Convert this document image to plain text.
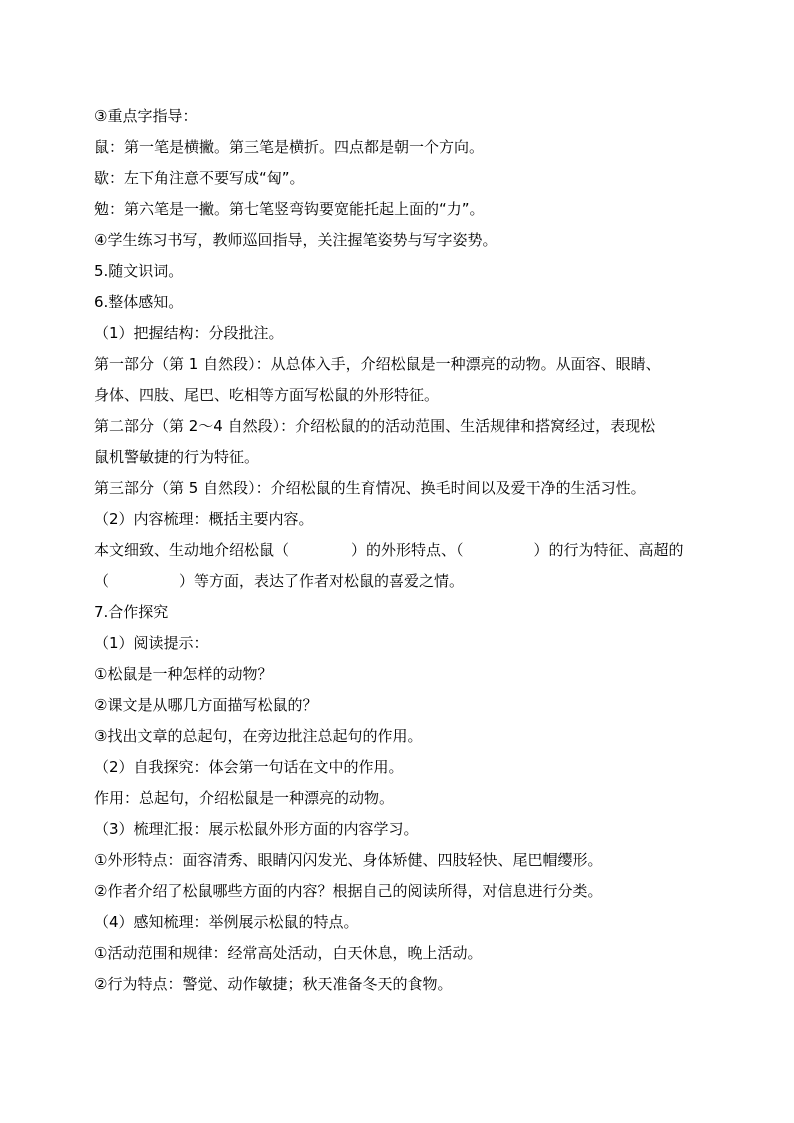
③重点字指导：
鼠：第一笔是横撇。第三笔是横折。四点都是朝一个方向。
歇：左下角注意不要写成“匈”。
勉：第六笔是一撇。第七笔竖弯钩要宽能托起上面的“力”。
④学生练习书写，教师巡回指导，关注握笔姿势与写字姿势。
5.随文识词。
6.整体感知。
（1）把握结构：分段批注。
第一部分（第 1 自然段）：从总体入手，介绍松鼠是一种漂亮的动物。从面容、眼睛、
身体、四肢、尾巴、吃相等方面写松鼠的外形特征。
第二部分（第 2～4 自然段）：介绍松鼠的的活动范围、生活规律和搭窝经过，表现松
鼠机警敏捷的行为特征。
第三部分（第 5 自然段）：介绍松鼠的生育情况、换毛时间以及爱干净的生活习性。
（2）内容梳理：概括主要内容。
本文细致、生动地介绍松鼠（	）的外形特点、（	）的行为特征、高超的
（	）等方面，表达了作者对松鼠的喜爱之情。
7.合作探究
（1）阅读提示：
①松鼠是一种怎样的动物？
②课文是从哪几方面描写松鼠的？
③找出文章的总起句，在旁边批注总起句的作用。
（2）自我探究：体会第一句话在文中的作用。
作用：总起句，介绍松鼠是一种漂亮的动物。
（3）梳理汇报：展示松鼠外形方面的内容学习。
①外形特点：面容清秀、眼睛闪闪发光、身体矫健、四肢轻快、尾巴帽缨形。
②作者介绍了松鼠哪些方面的内容？根据自己的阅读所得，对信息进行分类。
（4）感知梳理：举例展示松鼠的特点。
①活动范围和规律：经常高处活动，白天休息，晚上活动。
②行为特点：警觉、动作敏捷；秋天准备冬天的食物。
